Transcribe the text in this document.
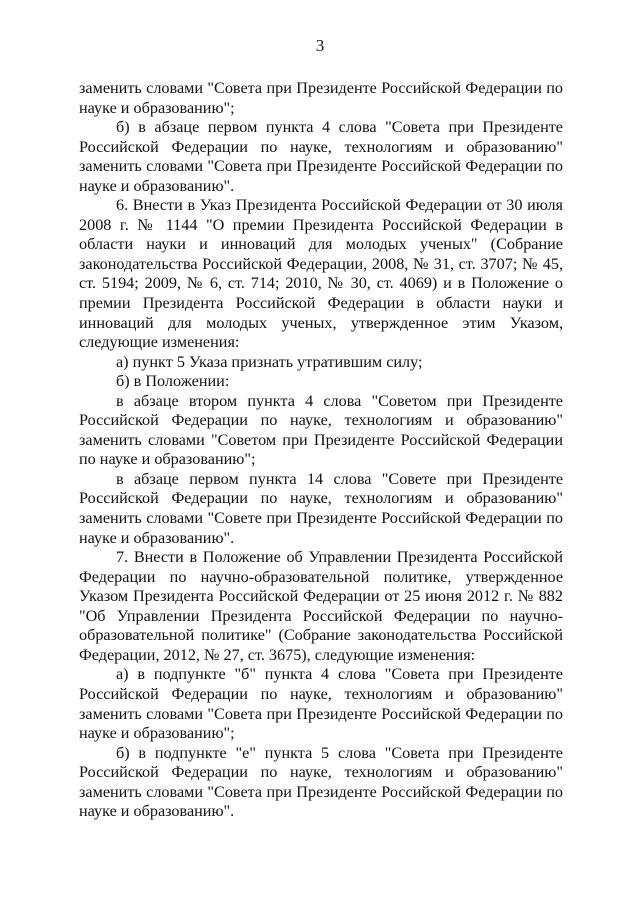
3

заменить словами "Совета при Президенте Российской Федерации по науке и образованию";

б) в абзаце первом пункта 4 слова "Совета при Президенте Российской Федерации по науке, технологиям и образованию" заменить словами "Совета при Президенте Российской Федерации по науке и образованию".

6. Внести в Указ Президента Российской Федерации от 30 июля 2008 г. № 1144 "О премии Президента Российской Федерации в области науки и инноваций для молодых ученых" (Собрание законодательства Российской Федерации, 2008, № 31, ст. 3707; № 45, ст. 5194; 2009, № 6, ст. 714; 2010, № 30, ст. 4069) и в Положение о премии Президента Российской Федерации в области науки и инноваций для молодых ученых, утвержденное этим Указом, следующие изменения:

а) пункт 5 Указа признать утратившим силу;

б) в Положении:

в абзаце втором пункта 4 слова "Советом при Президенте Российской Федерации по науке, технологиям и образованию" заменить словами "Советом при Президенте Российской Федерации по науке и образованию";

в абзаце первом пункта 14 слова "Совете при Президенте Российской Федерации по науке, технологиям и образованию" заменить словами "Совете при Президенте Российской Федерации по науке и образованию".

7. Внести в Положение об Управлении Президента Российской Федерации по научно-образовательной политике, утвержденное Указом Президента Российской Федерации от 25 июня 2012 г. № 882 "Об Управлении Президента Российской Федерации по научно-образовательной политике" (Собрание законодательства Российской Федерации, 2012, № 27, ст. 3675), следующие изменения:

а) в подпункте "б" пункта 4 слова "Совета при Президенте Российской Федерации по науке, технологиям и образованию" заменить словами "Совета при Президенте Российской Федерации по науке и образованию";

б) в подпункте "е" пункта 5 слова "Совета при Президенте Российской Федерации по науке, технологиям и образованию" заменить словами "Совета при Президенте Российской Федерации по науке и образованию".
